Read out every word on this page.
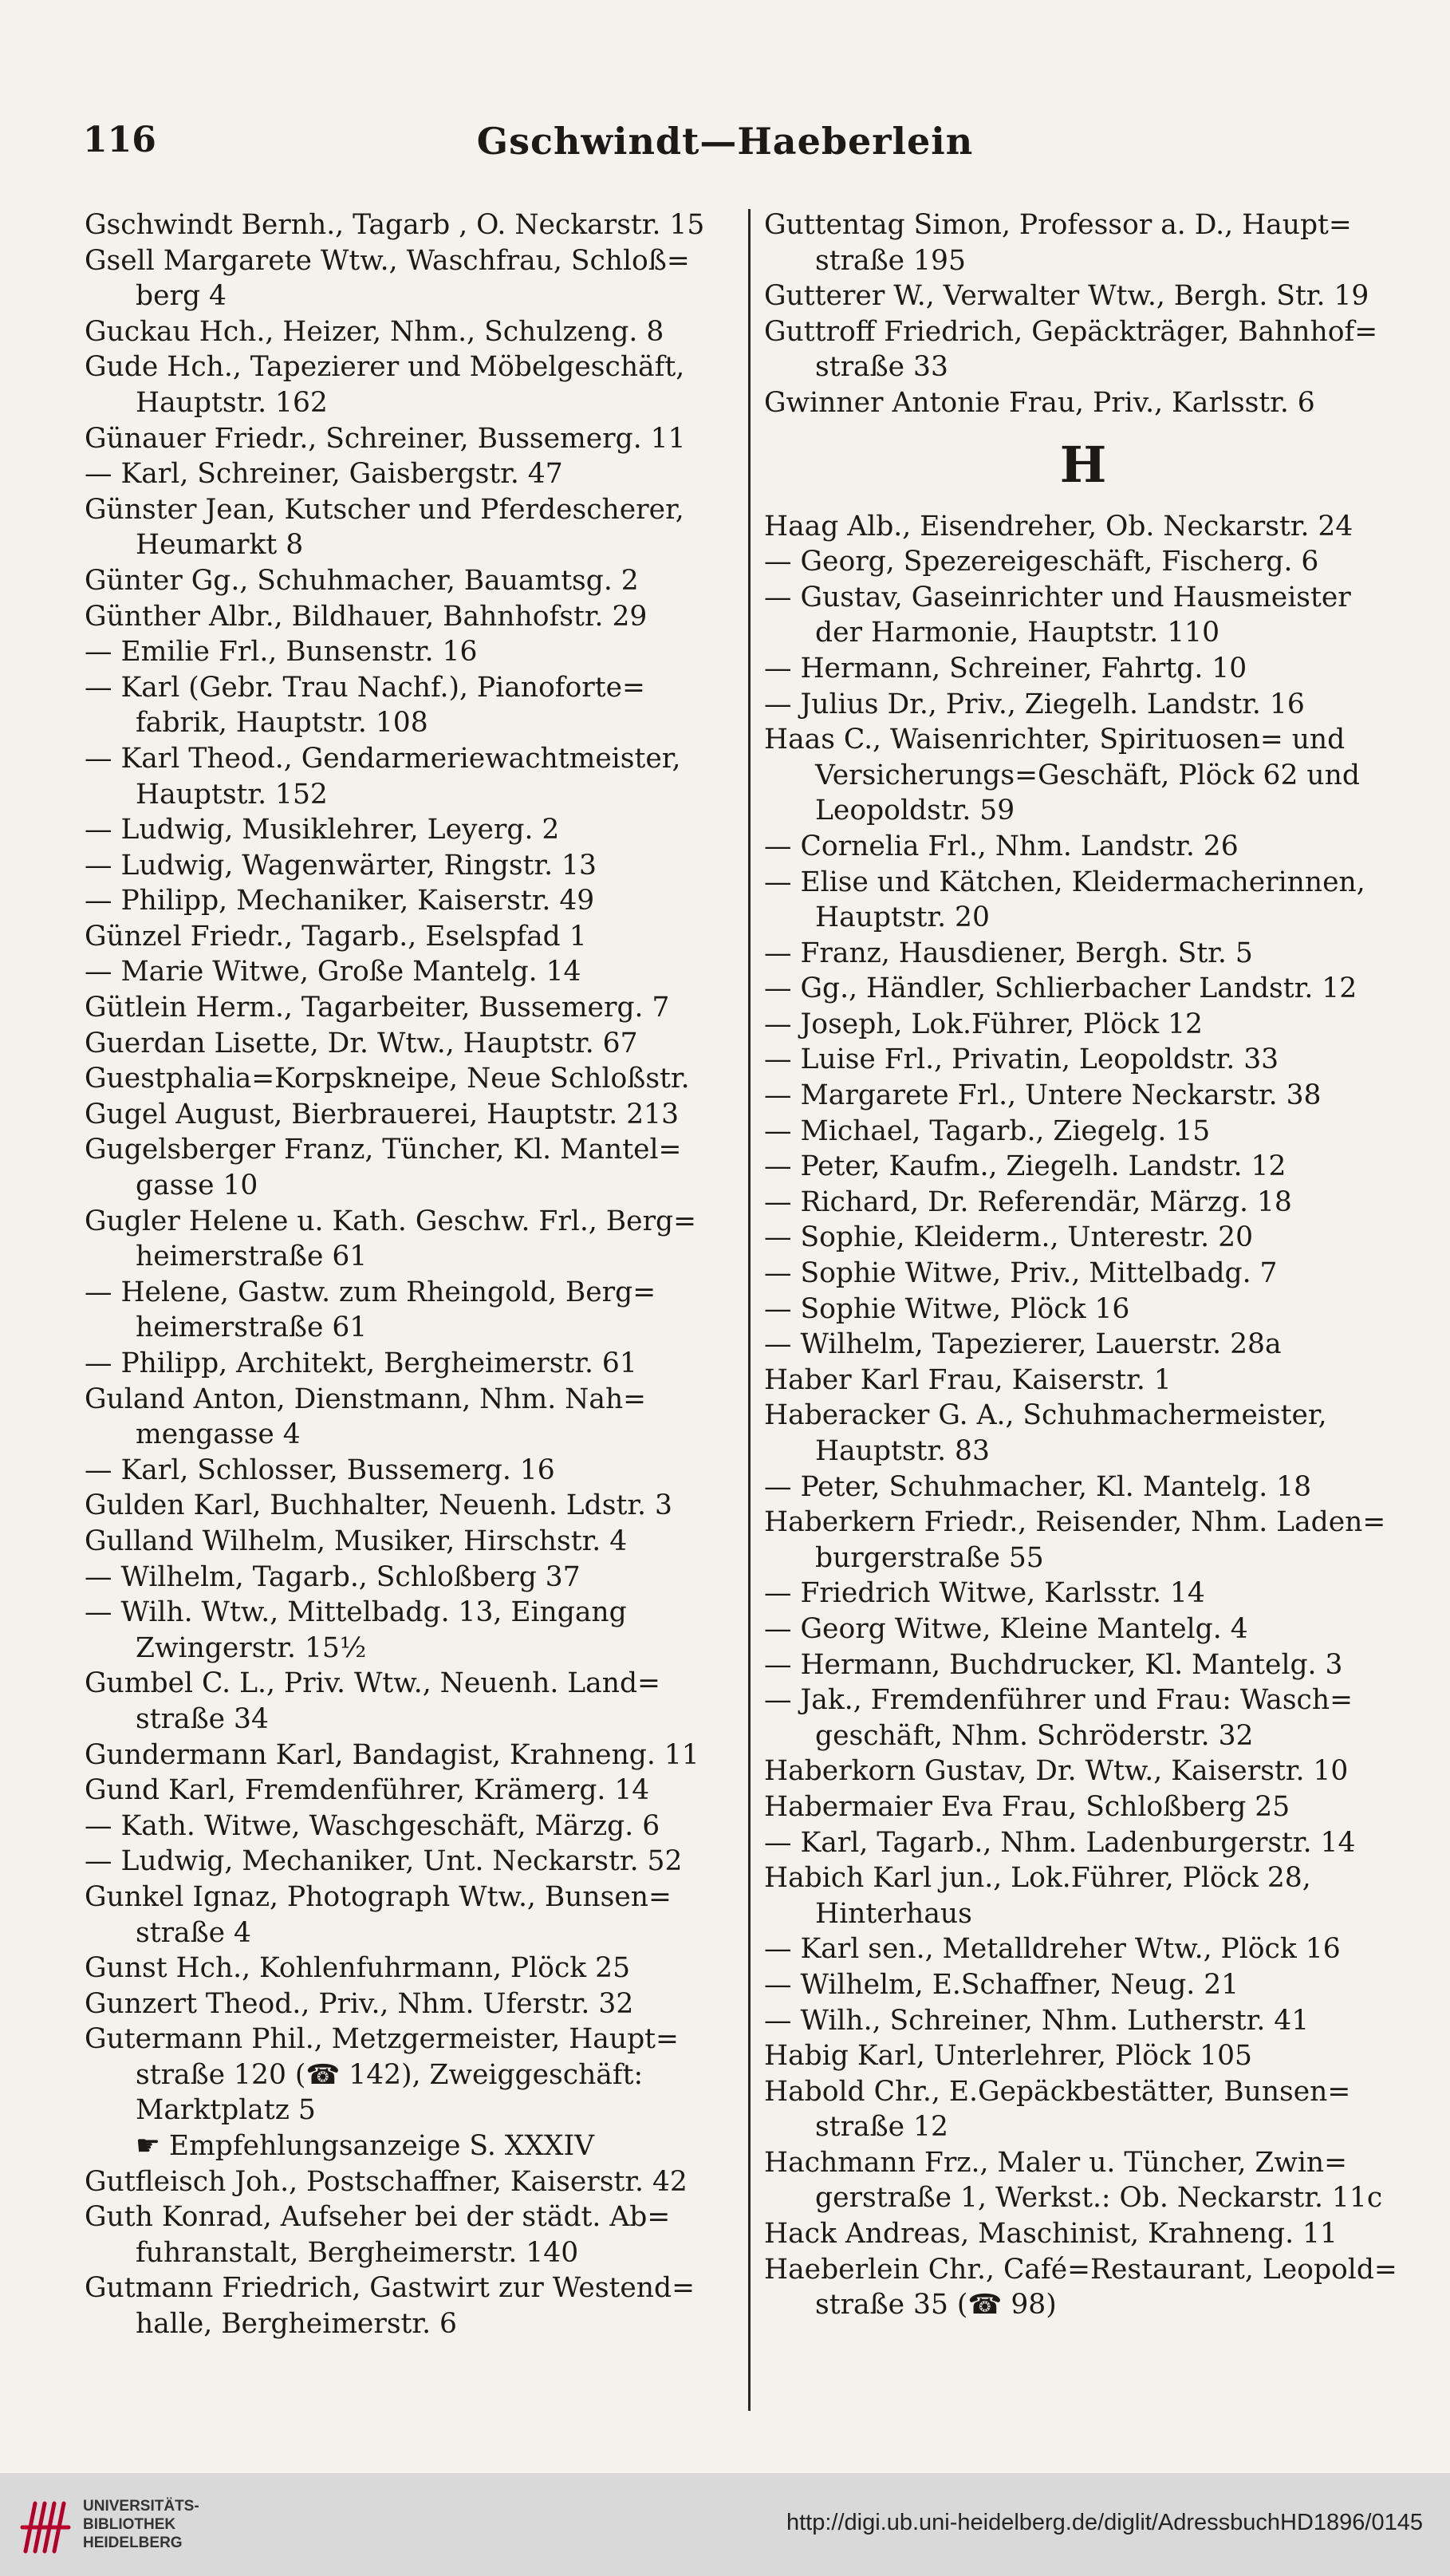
116	Gschwindt—Haeberlein
Gschwindt Bernh., Tagarb , O. Neckarstr. 15
Gsell Margarete Wtw., Waschfrau, Schloß=
berg 4
Guckau Hch., Heizer, Nhm., Schulzeng. 8
Gude Hch., Tapezierer und Möbelgeschäft,
Hauptstr. 162
Günauer Friedr., Schreiner, Bussemerg. 11
— Karl, Schreiner, Gaisbergstr. 47
Günster Jean, Kutscher und Pferdescherer,
Heumarkt 8
Günter Gg., Schuhmacher, Bauamtsg. 2
Günther Albr., Bildhauer, Bahnhofstr. 29
— Emilie Frl., Bunsenstr. 16
— Karl (Gebr. Trau Nachf.), Pianoforte=
fabrik, Hauptstr. 108
— Karl Theod., Gendarmeriewachtmeister,
Hauptstr. 152
— Ludwig, Musiklehrer, Leyerg. 2
— Ludwig, Wagenwärter, Ringstr. 13
— Philipp, Mechaniker, Kaiserstr. 49
Günzel Friedr., Tagarb., Eselspfad 1
— Marie Witwe, Große Mantelg. 14
Gütlein Herm., Tagarbeiter, Bussemerg. 7
Guerdan Lisette, Dr. Wtw., Hauptstr. 67
Guestphalia=Korpskneipe, Neue Schloßstr.
Gugel August, Bierbrauerei, Hauptstr. 213
Gugelsberger Franz, Tüncher, Kl. Mantel=
gasse 10
Gugler Helene u. Kath. Geschw. Frl., Berg=
heimerstraße 61
— Helene, Gastw. zum Rheingold, Berg=
heimerstraße 61
— Philipp, Architekt, Bergheimerstr. 61
Guland Anton, Dienstmann, Nhm. Nah=
mengasse 4
— Karl, Schlosser, Bussemerg. 16
Gulden Karl, Buchhalter, Neuenh. Ldstr. 3
Gulland Wilhelm, Musiker, Hirschstr. 4
— Wilhelm, Tagarb., Schloßberg 37
— Wilh. Wtw., Mittelbadg. 13, Eingang
Zwingerstr. 15½
Gumbel C. L., Priv. Wtw., Neuenh. Land=
straße 34
Gundermann Karl, Bandagist, Krahneng. 11
Gund Karl, Fremdenführer, Krämerg. 14
— Kath. Witwe, Waschgeschäft, Märzg. 6
— Ludwig, Mechaniker, Unt. Neckarstr. 52
Gunkel Ignaz, Photograph Wtw., Bunsen=
straße 4
Gunst Hch., Kohlenfuhrmann, Plöck 25
Gunzert Theod., Priv., Nhm. Uferstr. 32
Gutermann Phil., Metzgermeister, Haupt=
straße 120 (☎ 142), Zweiggeschäft:
Marktplatz 5
☛ Empfehlungsanzeige S. XXXIV
Gutfleisch Joh., Postschaffner, Kaiserstr. 42
Guth Konrad, Aufseher bei der städt. Ab=
fuhranstalt, Bergheimerstr. 140
Gutmann Friedrich, Gastwirt zur Westend=
halle, Bergheimerstr. 6
Guttentag Simon, Professor a. D., Haupt=
straße 195
Gutterer W., Verwalter Wtw., Bergh. Str. 19
Guttroff Friedrich, Gepäckträger, Bahnhof=
straße 33
Gwinner Antonie Frau, Priv., Karlsstr. 6
H
Haag Alb., Eisendreher, Ob. Neckarstr. 24
— Georg, Spezereigeschäft, Fischerg. 6
— Gustav, Gaseinrichter und Hausmeister
der Harmonie, Hauptstr. 110
— Hermann, Schreiner, Fahrtg. 10
— Julius Dr., Priv., Ziegelh. Landstr. 16
Haas C., Waisenrichter, Spirituosen= und
Versicherungs=Geschäft, Plöck 62 und
Leopoldstr. 59
— Cornelia Frl., Nhm. Landstr. 26
— Elise und Kätchen, Kleidermacherinnen,
Hauptstr. 20
— Franz, Hausdiener, Bergh. Str. 5
— Gg., Händler, Schlierbacher Landstr. 12
— Joseph, Lok.Führer, Plöck 12
— Luise Frl., Privatin, Leopoldstr. 33
— Margarete Frl., Untere Neckarstr. 38
— Michael, Tagarb., Ziegelg. 15
— Peter, Kaufm., Ziegelh. Landstr. 12
— Richard, Dr. Referendär, Märzg. 18
— Sophie, Kleiderm., Unterestr. 20
— Sophie Witwe, Priv., Mittelbadg. 7
— Sophie Witwe, Plöck 16
— Wilhelm, Tapezierer, Lauerstr. 28a
Haber Karl Frau, Kaiserstr. 1
Haberacker G. A., Schuhmachermeister,
Hauptstr. 83
— Peter, Schuhmacher, Kl. Mantelg. 18
Haberkern Friedr., Reisender, Nhm. Laden=
burgerstraße 55
— Friedrich Witwe, Karlsstr. 14
— Georg Witwe, Kleine Mantelg. 4
— Hermann, Buchdrucker, Kl. Mantelg. 3
— Jak., Fremdenführer und Frau: Wasch=
geschäft, Nhm. Schröderstr. 32
Haberkorn Gustav, Dr. Wtw., Kaiserstr. 10
Habermaier Eva Frau, Schloßberg 25
— Karl, Tagarb., Nhm. Ladenburgerstr. 14
Habich Karl jun., Lok.Führer, Plöck 28,
Hinterhaus
— Karl sen., Metalldreher Wtw., Plöck 16
— Wilhelm, E.Schaffner, Neug. 21
— Wilh., Schreiner, Nhm. Lutherstr. 41
Habig Karl, Unterlehrer, Plöck 105
Habold Chr., E.Gepäckbestätter, Bunsen=
straße 12
Hachmann Frz., Maler u. Tüncher, Zwin=
gerstraße 1, Werkst.: Ob. Neckarstr. 11c
Hack Andreas, Maschinist, Krahneng. 11
Haeberlein Chr., Café=Restaurant, Leopold=
straße 35 (☎ 98)
UNIVERSITÄTS-
BIBLIOTHEK
HEIDELBERG
http://digi.ub.uni-heidelberg.de/diglit/AdressbuchHD1896/0145
